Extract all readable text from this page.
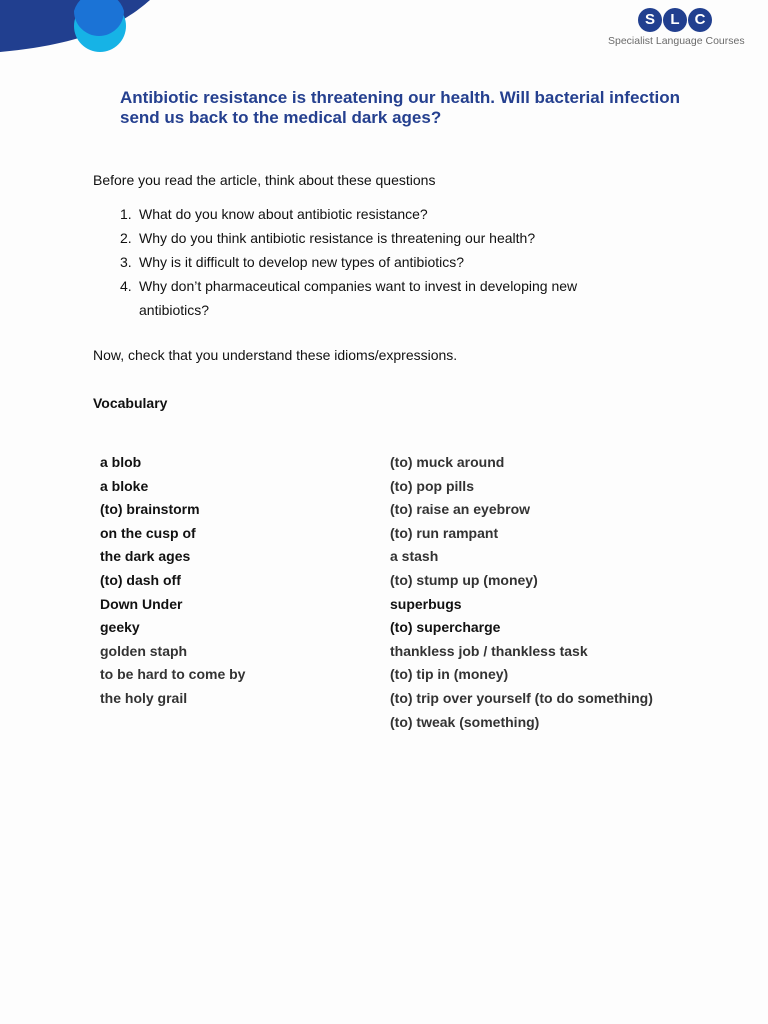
S	L	C
Specialist Language Courses
Antibiotic resistance is threatening our health. Will bacterial infection send us back to the medical dark ages?

Before you read the article, think about these questions

1. What do you know about antibiotic resistance?
2. Why do you think antibiotic resistance is threatening our health?
3. Why is it difficult to develop new types of antibiotics?
4. Why don’t pharmaceutical companies want to invest in developing new antibiotics?

Now, check that you understand these idioms/expressions.

Vocabulary

a blob
a bloke
(to) brainstorm
on the cusp of
the dark ages
(to) dash off
Down Under
geeky
golden staph
to be hard to come by
the holy grail
(to) muck around
(to) pop pills
(to) raise an eyebrow
(to) run rampant
a stash
(to) stump up (money)
superbugs
(to) supercharge
thankless job / thankless task
(to) tip in (money)
(to) trip over yourself (to do something)
(to) tweak (something)
